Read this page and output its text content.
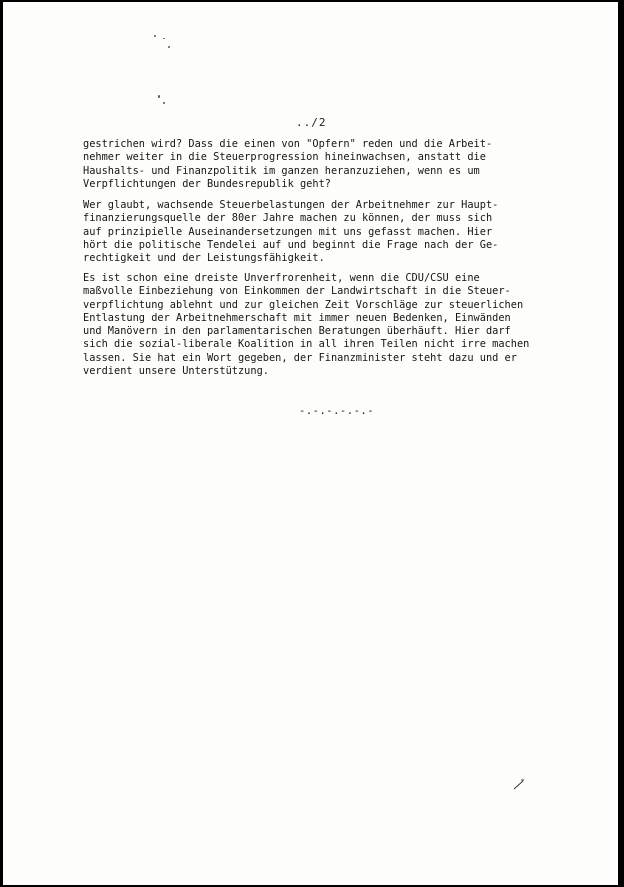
../2
gestrichen wird? Dass die einen von "Opfern" reden und die Arbeit-
nehmer weiter in die Steuerprogression hineinwachsen, anstatt die
Haushalts- und Finanzpolitik im ganzen heranzuziehen, wenn es um
Verpflichtungen der Bundesrepublik geht?
Wer glaubt, wachsende Steuerbelastungen der Arbeitnehmer zur Haupt-
finanzierungsquelle der 80er Jahre machen zu können, der muss sich
auf prinzipielle Auseinandersetzungen mit uns gefasst machen. Hier
hört die politische Tendelei auf und beginnt die Frage nach der Ge-
rechtigkeit und der Leistungsfähigkeit.
Es ist schon eine dreiste Unverfrorenheit, wenn die CDU/CSU eine
maßvolle Einbeziehung von Einkommen der Landwirtschaft in die Steuer-
verpflichtung ablehnt und zur gleichen Zeit Vorschläge zur steuerlichen
Entlastung der Arbeitnehmerschaft mit immer neuen Bedenken, Einwänden
und Manövern in den parlamentarischen Beratungen überhäuft. Hier darf
sich die sozial-liberale Koalition in all ihren Teilen nicht irre machen
lassen. Sie hat ein Wort gegeben, der Finanzminister steht dazu und er
verdient unsere Unterstützung.
-.-.-.-.-.-
